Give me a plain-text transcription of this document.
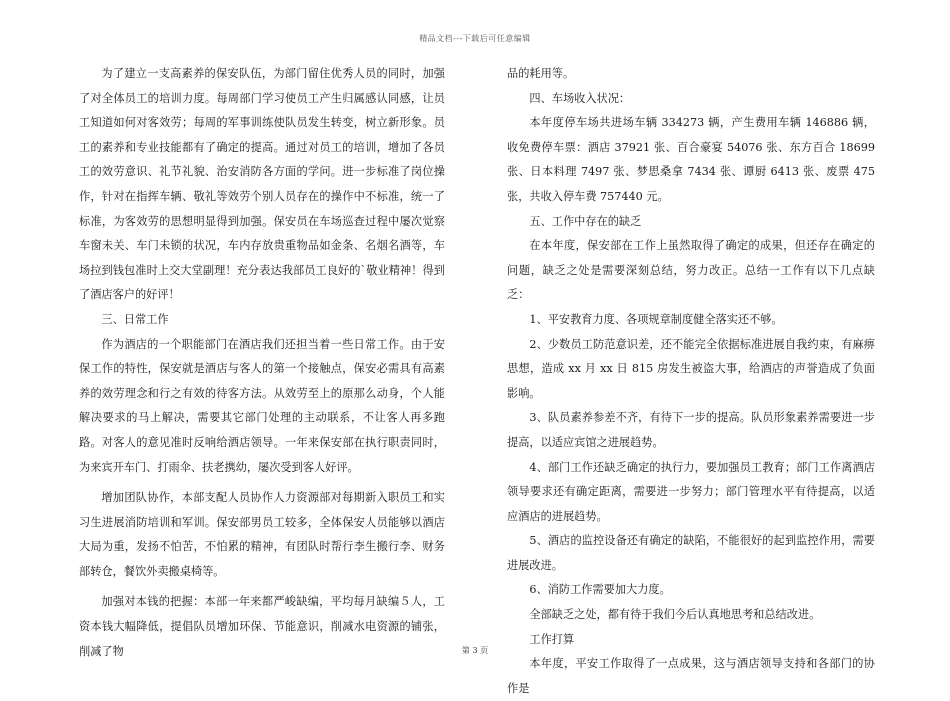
精品文档---下载后可任意编辑

为了建立一支高素养的保安队伍，为部门留住优秀人员的同时，加强了对全体员工的培训力度。每周部门学习使员工产生归属感认同感，让员工知道如何对客效劳；每周的军事训练使队员发生转变，树立新形象。员工的素养和专业技能都有了确定的提高。通过对员工的培训，增加了各员工的效劳意识、礼节礼貌、治安消防各方面的学问。进一步标准了岗位操作，针对在指挥车辆、敬礼等效劳个别人员存在的操作中不标准，统一了标准，为客效劳的思想明显得到加强。保安员在车场巡查过程中屡次觉察车窗未关、车门未锁的状况，车内存放贵重物品如金条、名烟名酒等，车场拉到钱包准时上交大堂副理！充分表达我部员工良好的`敬业精神！得到了酒店客户的好评！

三、日常工作

作为酒店的一个职能部门在酒店我们还担当着一些日常工作。由于安保工作的特性，保安就是酒店与客人的第一个接触点，保安必需具有高素养的效劳理念和行之有效的待客方法。从效劳至上的原那么动身，个人能解决要求的马上解决，需要其它部门处理的主动联系，不让客人再多跑路。对客人的意见准时反响给酒店领导。一年来保安部在执行职责同时，为来宾开车门、打雨伞、扶老携幼，屡次受到客人好评。

增加团队协作，本部支配人员协作人力资源部对每期新入职员工和实习生进展消防培训和军训。保安部男员工较多，全体保安人员能够以酒店大局为重，发扬不怕苦，不怕累的精神，有团队时帮行李生搬行李、财务部转仓，餐饮外卖搬桌椅等。

加强对本钱的把握：本部一年来都严峻缺编，平均每月缺编５人，工资本钱大幅降低，提倡队员增加环保、节能意识，削减水电资源的铺张，削减了物

品的耗用等。

四、车场收入状况：

本年度停车场共进场车辆 334273 辆，产生费用车辆 146886 辆，收免费停车票：酒店 37921 张、百合豪宴 54076 张、东方百合 18699 张、日本料理 7497 张、梦思桑拿 7434 张、谭厨 6413 张、废票 475 张，共收入停车费 757440 元。

五、工作中存在的缺乏

在本年度，保安部在工作上虽然取得了确定的成果，但还存在确定的问题，缺乏之处是需要深刻总结，努力改正。总结一工作有以下几点缺乏：

1、平安教育力度、各项规章制度健全落实还不够。

2、少数员工防范意识差，还不能完全依据标准进展自我约束，有麻痹思想，造成 xx 月 xx 日 815 房发生被盗大事，给酒店的声誉造成了负面影响。

3、队员素养参差不齐，有待下一步的提高。队员形象素养需要进一步提高，以适应宾馆之进展趋势。

4、部门工作还缺乏确定的执行力，要加强员工教育；部门工作离酒店领导要求还有确定距离，需要进一步努力；部门管理水平有待提高，以适应酒店的进展趋势。

5、酒店的监控设备还有确定的缺陷，不能很好的起到监控作用，需要进展改进。

6、消防工作需要加大力度。

全部缺乏之处，都有待于我们今后认真地思考和总结改进。

工作打算

本年度，平安工作取得了一点成果，这与酒店领导支持和各部门的协作是

第 3 页
